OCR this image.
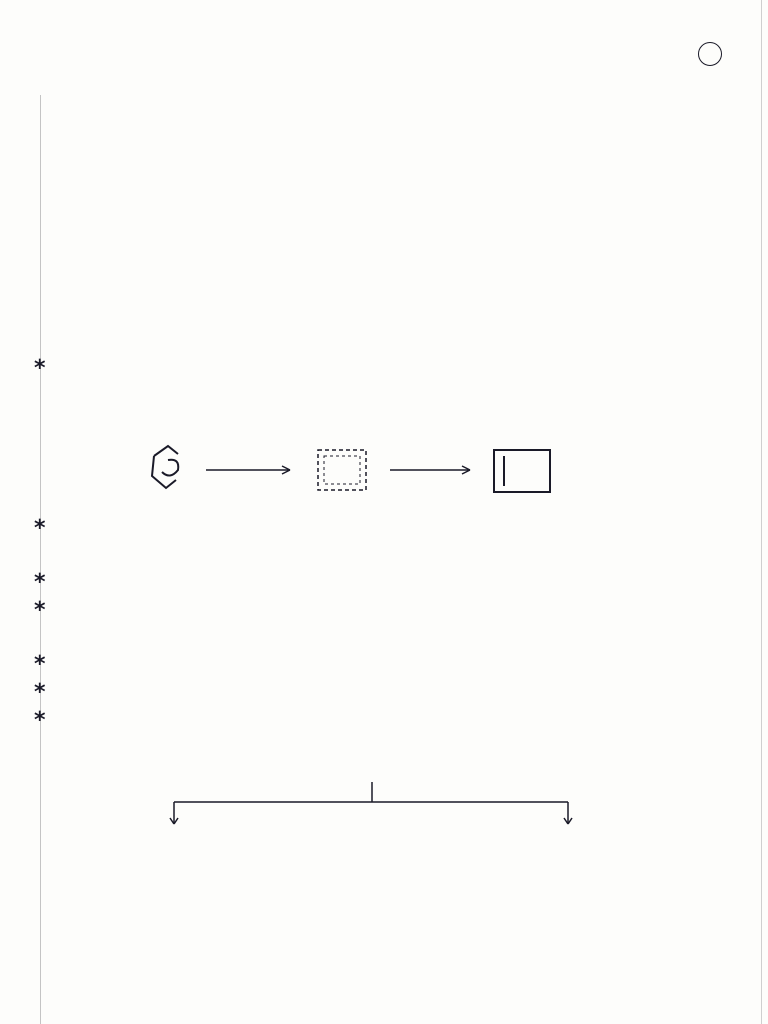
*
*
*
*
*
*
*
